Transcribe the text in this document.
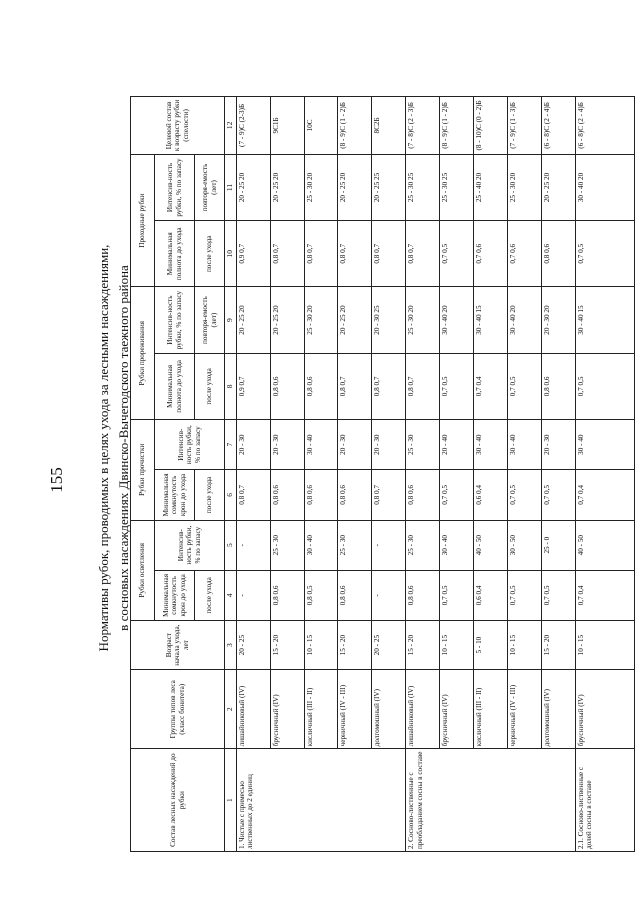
155 Нормативы рубок, проводимых в целях ухода за лесными насаждениями, в сосновых насаждениях Двинско-Вычегодского таежного района
Состав лесных насаждений до рубки	Группы типов леса (класс бонитета)	Возраст начала ухода, лет	Рубки осветления		Рубки прочистки		Рубки прореживания		Проходные рубки		Целевой состав к возрасту рубки (спелости)
			Минимальная сомкнутость крон до ухода	Интенсив-ность рубки, % по запасу	Минимальная сомкнутость крон до ухода	Интенсив-ность рубки, % по запасу	Минимальная полнота до ухода	Интенсив-ность рубки, % по запасу	Минимальная полнота до ухода	Интенсив-ность рубки, % по запасу	
			после ухода		после ухода		после ухода	повторя-емость (лет)	после ухода	повторя-емость (лет)	
1	2	3	4	5	6	7	8	9	10	11	12
1. Чистые с примесью лиственных до 2 единиц	лишайниковый (IV)	20 - 25	-	-	0,8 0,7	20 - 30	0,9 0,7	20 - 25 20	0,9 0,7	20 - 25 20	(7 - 9)С (2-3)Б
	брусничный (IV)	15 - 20	0,8 0,6	25 - 30	0,8 0,6	20 - 30	0,8 0,6	20 - 25 20	0,8 0,7	20 - 25 20	9С1Б
	кисличный (III - II)	10 - 15	0,8 0,5	30 - 40	0,8 0,6	30 - 40	0,8 0,6	25 - 30 20	0,8 0,7	25 - 30 20	10С
	черничный (IV - III)	15 - 20	0,8 0,6	25 - 30	0,8 0,6	20 - 30	0,8 0,7	20 - 25 20	0,8 0,7	20 - 25 20	(8 - 9)С (1 - 2)Б
	долгомошный (IV)	20 - 25	-	-	0,8 0,7	20 - 30	0,8 0,7	20 - 30 25	0,8 0,7	20 - 25 25	8С2Б
2. Сосново-лиственные с преобладанием сосны в составе	лишайниковый (IV)	15 - 20	0,8 0,6	25 - 30	0,8 0,6	25 - 30	0,8 0,7	25 - 30 20	0,8 0,7	25 - 30 25	(7 - 8)С (2 - 3)Б
	брусничный (IV)	10 - 15	0,7 0,5	30 - 40	0,7 0,5	20 - 40	0,7 0,5	30 - 40 20	0,7 0,5	25 - 30 25	(8 - 9)С (1 - 2)Б
	кисличный (III - II)	5 - 10	0,6 0,4	40 - 50	0,6 0,4	30 - 40	0,7 0,4	30 - 40 15	0,7 0,6	25 - 40 20	(8 - 10)С (0 - 2)Б
	черничный (IV - III)	10 - 15	0,7 0,5	30 - 50	0,7 0,5	30 - 40	0,7 0,5	30 - 40 20	0,7 0,6	25 - 30 20	(7 - 9)С (1 - 3)Б
	долгомошный (IV)	15 - 20	0,7 0,5	25 - 0	0,7 0,5	20 - 30	0,8 0,6	20 - 30 20	0,8 0,6	20 - 25 20	(6 - 8)С (2 - 4)Б
2.1. Сосново-лиственные с долей сосны в составе	брусничный (IV)	10 - 15	0,7 0,4	40 - 50	0,7 0,4	30 - 40	0,7 0,5	30 - 40 15	0,7 0,5	30 - 40 20	(6 - 8)С (2 - 4)Б
